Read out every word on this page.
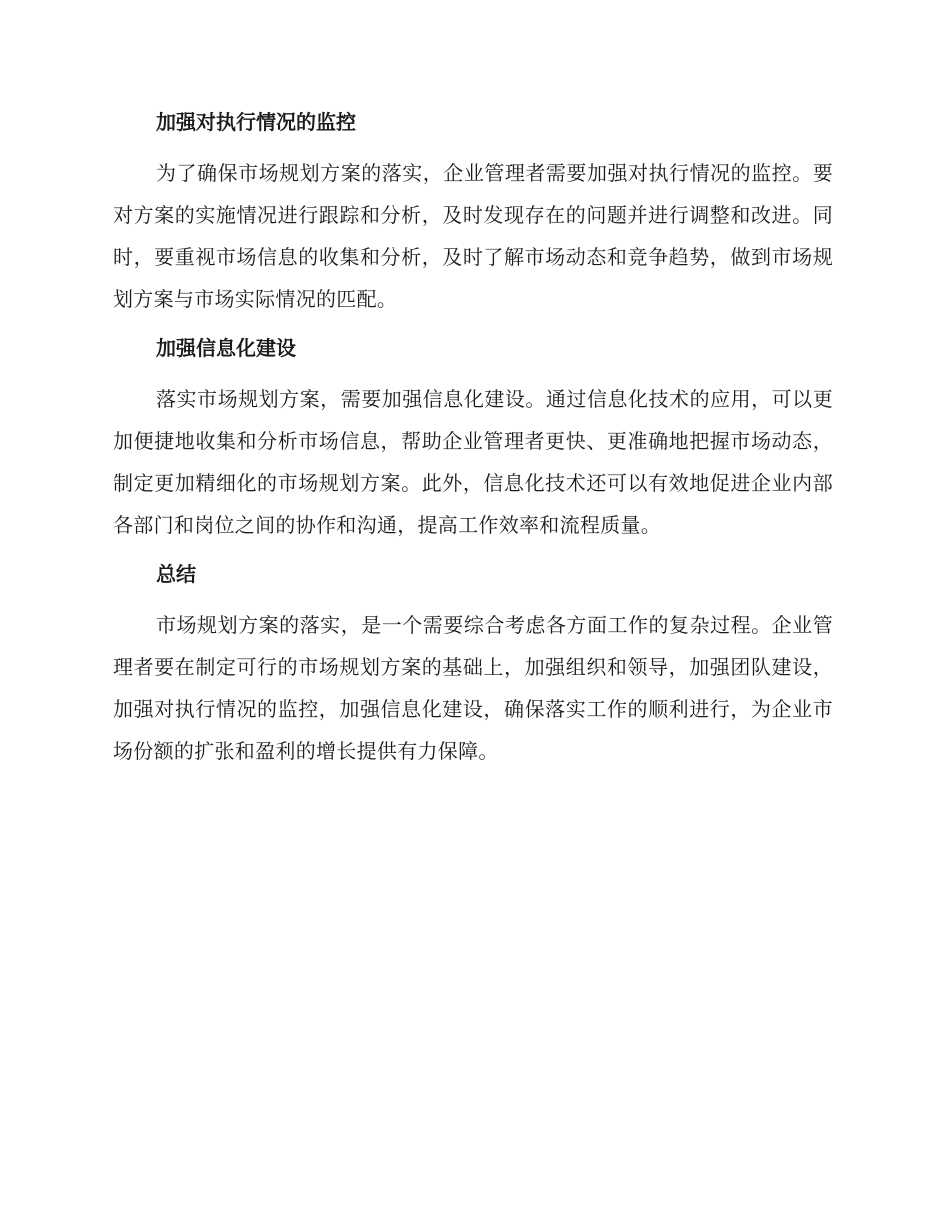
加强对执行情况的监控

为了确保市场规划方案的落实，企业管理者需要加强对执行情况的监控。要对方案的实施情况进行跟踪和分析，及时发现存在的问题并进行调整和改进。同时，要重视市场信息的收集和分析，及时了解市场动态和竞争趋势，做到市场规划方案与市场实际情况的匹配。

加强信息化建设

落实市场规划方案，需要加强信息化建设。通过信息化技术的应用，可以更加便捷地收集和分析市场信息，帮助企业管理者更快、更准确地把握市场动态，制定更加精细化的市场规划方案。此外，信息化技术还可以有效地促进企业内部各部门和岗位之间的协作和沟通，提高工作效率和流程质量。

总结

市场规划方案的落实，是一个需要综合考虑各方面工作的复杂过程。企业管理者要在制定可行的市场规划方案的基础上，加强组织和领导，加强团队建设，加强对执行情况的监控，加强信息化建设，确保落实工作的顺利进行，为企业市场份额的扩张和盈利的增长提供有力保障。
